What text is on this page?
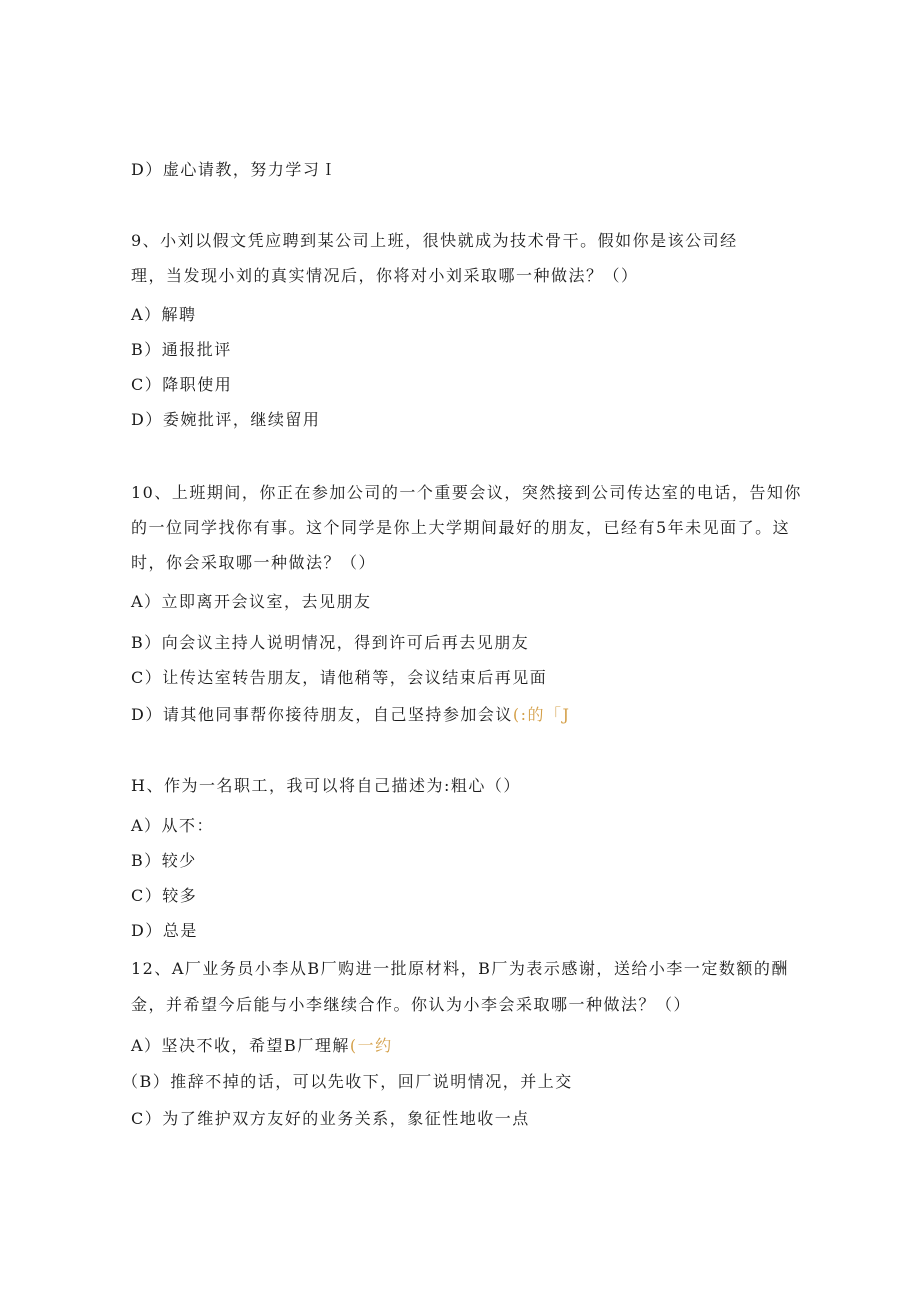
D）虚心请教，努力学习Ｉ
9、小刘以假文凭应聘到某公司上班，很快就成为技术骨干。假如你是该公司经
理，当发现小刘的真实情况后，你将对小刘采取哪一种做法？（）
A）解聘
B）通报批评
C）降职使用
D）委婉批评，继续留用
10、上班期间，你正在参加公司的一个重要会议，突然接到公司传达室的电话，告知你
的一位同学找你有事。这个同学是你上大学期间最好的朋友，已经有5年未见面了。这
时，你会采取哪一种做法？（）
A）立即离开会议室，去见朋友
B）向会议主持人说明情况，得到许可后再去见朋友
C）让传达室转告朋友，请他稍等，会议结束后再见面
D）请其他同事帮你接待朋友，自己坚持参加会议(:的「J
H、作为一名职工，我可以将自己描述为:粗心（）
A）从不：
B）较少
C）较多
D）总是
12、A厂业务员小李从B厂购进一批原材料，B厂为表示感谢，送给小李一定数额的酬
金，并希望今后能与小李继续合作。你认为小李会采取哪一种做法？（）
A）坚决不收，希望B厂理解(一约
（B）推辞不掉的话，可以先收下，回厂说明情况，并上交
C）为了维护双方友好的业务关系，象征性地收一点
